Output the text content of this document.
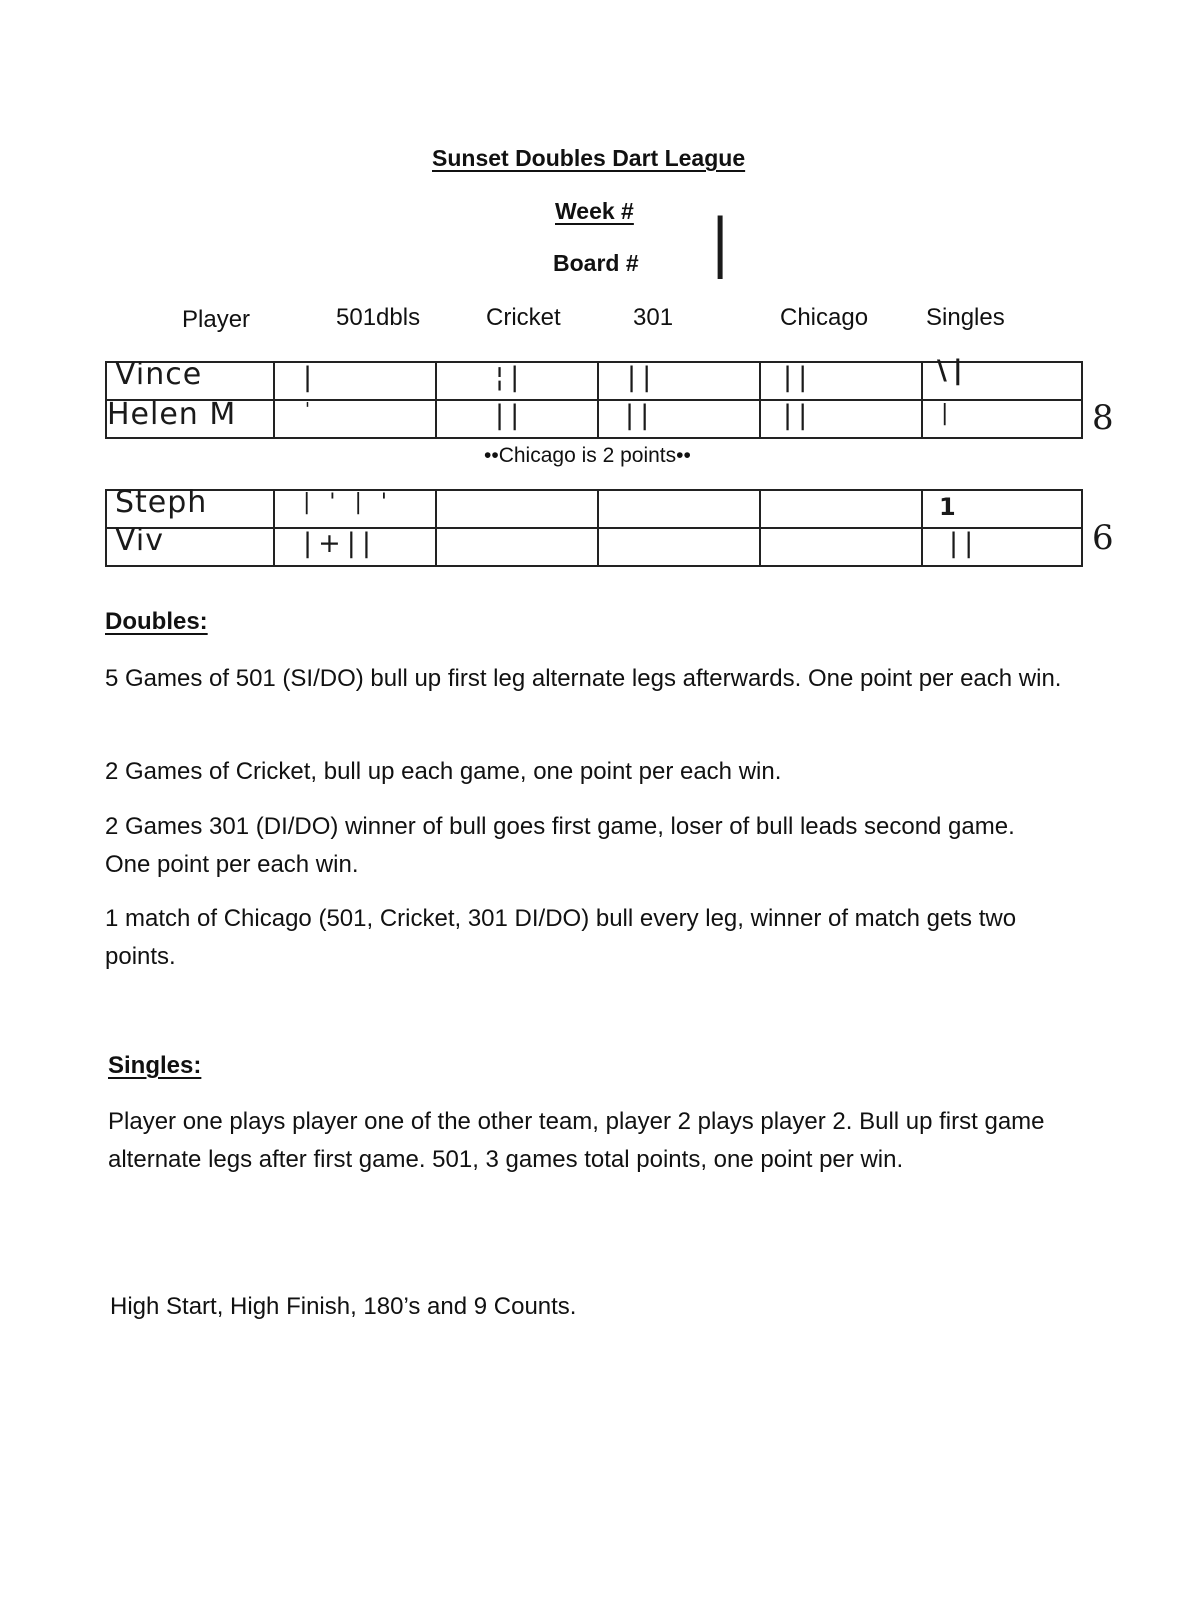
Sunset Doubles Dart League
Week #
Board # |
Player	501dbls	Cricket	301	Chicago Singles
Vince	|	¦|	||	||	\|

Helen M	'	||	||	||	|	8
••Chicago is 2 points••
Steph	| ' | '				1

Viv	|+||				||	6
Doubles:
5 Games of 501 (SI/DO) bull up first leg alternate legs afterwards. One point per each win.
2 Games of Cricket, bull up each game, one point per each win.
2 Games 301 (DI/DO) winner of bull goes first game, loser of bull leads second game. One point per each win.
1 match of Chicago (501, Cricket, 301 DI/DO) bull every leg, winner of match gets two points.
Singles:
Player one plays player one of the other team, player 2 plays player 2. Bull up first game alternate legs after first game. 501, 3 games total points, one point per win.
High Start, High Finish, 180’s and 9 Counts.
